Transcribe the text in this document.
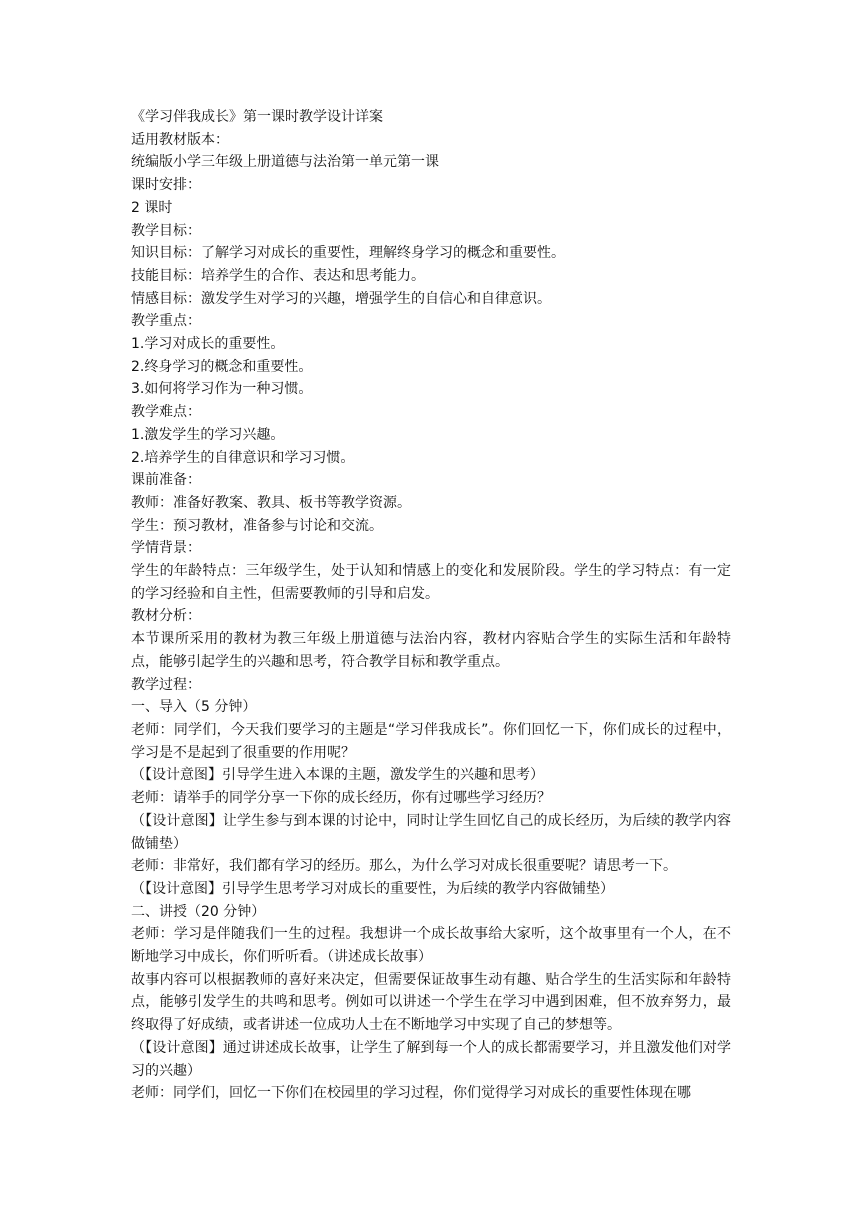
《学习伴我成长》第一课时教学设计详案

适用教材版本：

统编版小学三年级上册道德与法治第一单元第一课

课时安排：

2 课时

教学目标：

知识目标：了解学习对成长的重要性，理解终身学习的概念和重要性。

技能目标：培养学生的合作、表达和思考能力。

情感目标：激发学生对学习的兴趣，增强学生的自信心和自律意识。

教学重点：

1.学习对成长的重要性。

2.终身学习的概念和重要性。

3.如何将学习作为一种习惯。

教学难点：

1.激发学生的学习兴趣。

2.培养学生的自律意识和学习习惯。

课前准备：

教师：准备好教案、教具、板书等教学资源。

学生：预习教材，准备参与讨论和交流。

学情背景：

学生的年龄特点：三年级学生，处于认知和情感上的变化和发展阶段。学生的学习特点：有一定的学习经验和自主性，但需要教师的引导和启发。

教材分析：

本节课所采用的教材为教三年级上册道德与法治内容，教材内容贴合学生的实际生活和年龄特点，能够引起学生的兴趣和思考，符合教学目标和教学重点。

教学过程：

一、导入（5 分钟）

老师：同学们，今天我们要学习的主题是“学习伴我成长”。你们回忆一下，你们成长的过程中，学习是不是起到了很重要的作用呢？

（【设计意图】引导学生进入本课的主题，激发学生的兴趣和思考）

老师：请举手的同学分享一下你的成长经历，你有过哪些学习经历？

（【设计意图】让学生参与到本课的讨论中，同时让学生回忆自己的成长经历，为后续的教学内容做铺垫）

老师：非常好，我们都有学习的经历。那么，为什么学习对成长很重要呢？请思考一下。

（【设计意图】引导学生思考学习对成长的重要性，为后续的教学内容做铺垫）

二、讲授（20 分钟）

老师：学习是伴随我们一生的过程。我想讲一个成长故事给大家听，这个故事里有一个人，在不断地学习中成长，你们听听看。（讲述成长故事）

故事内容可以根据教师的喜好来决定，但需要保证故事生动有趣、贴合学生的生活实际和年龄特点，能够引发学生的共鸣和思考。例如可以讲述一个学生在学习中遇到困难，但不放弃努力，最终取得了好成绩，或者讲述一位成功人士在不断地学习中实现了自己的梦想等。

（【设计意图】通过讲述成长故事，让学生了解到每一个人的成长都需要学习，并且激发他们对学习的兴趣）

老师：同学们，回忆一下你们在校园里的学习过程，你们觉得学习对成长的重要性体现在哪
